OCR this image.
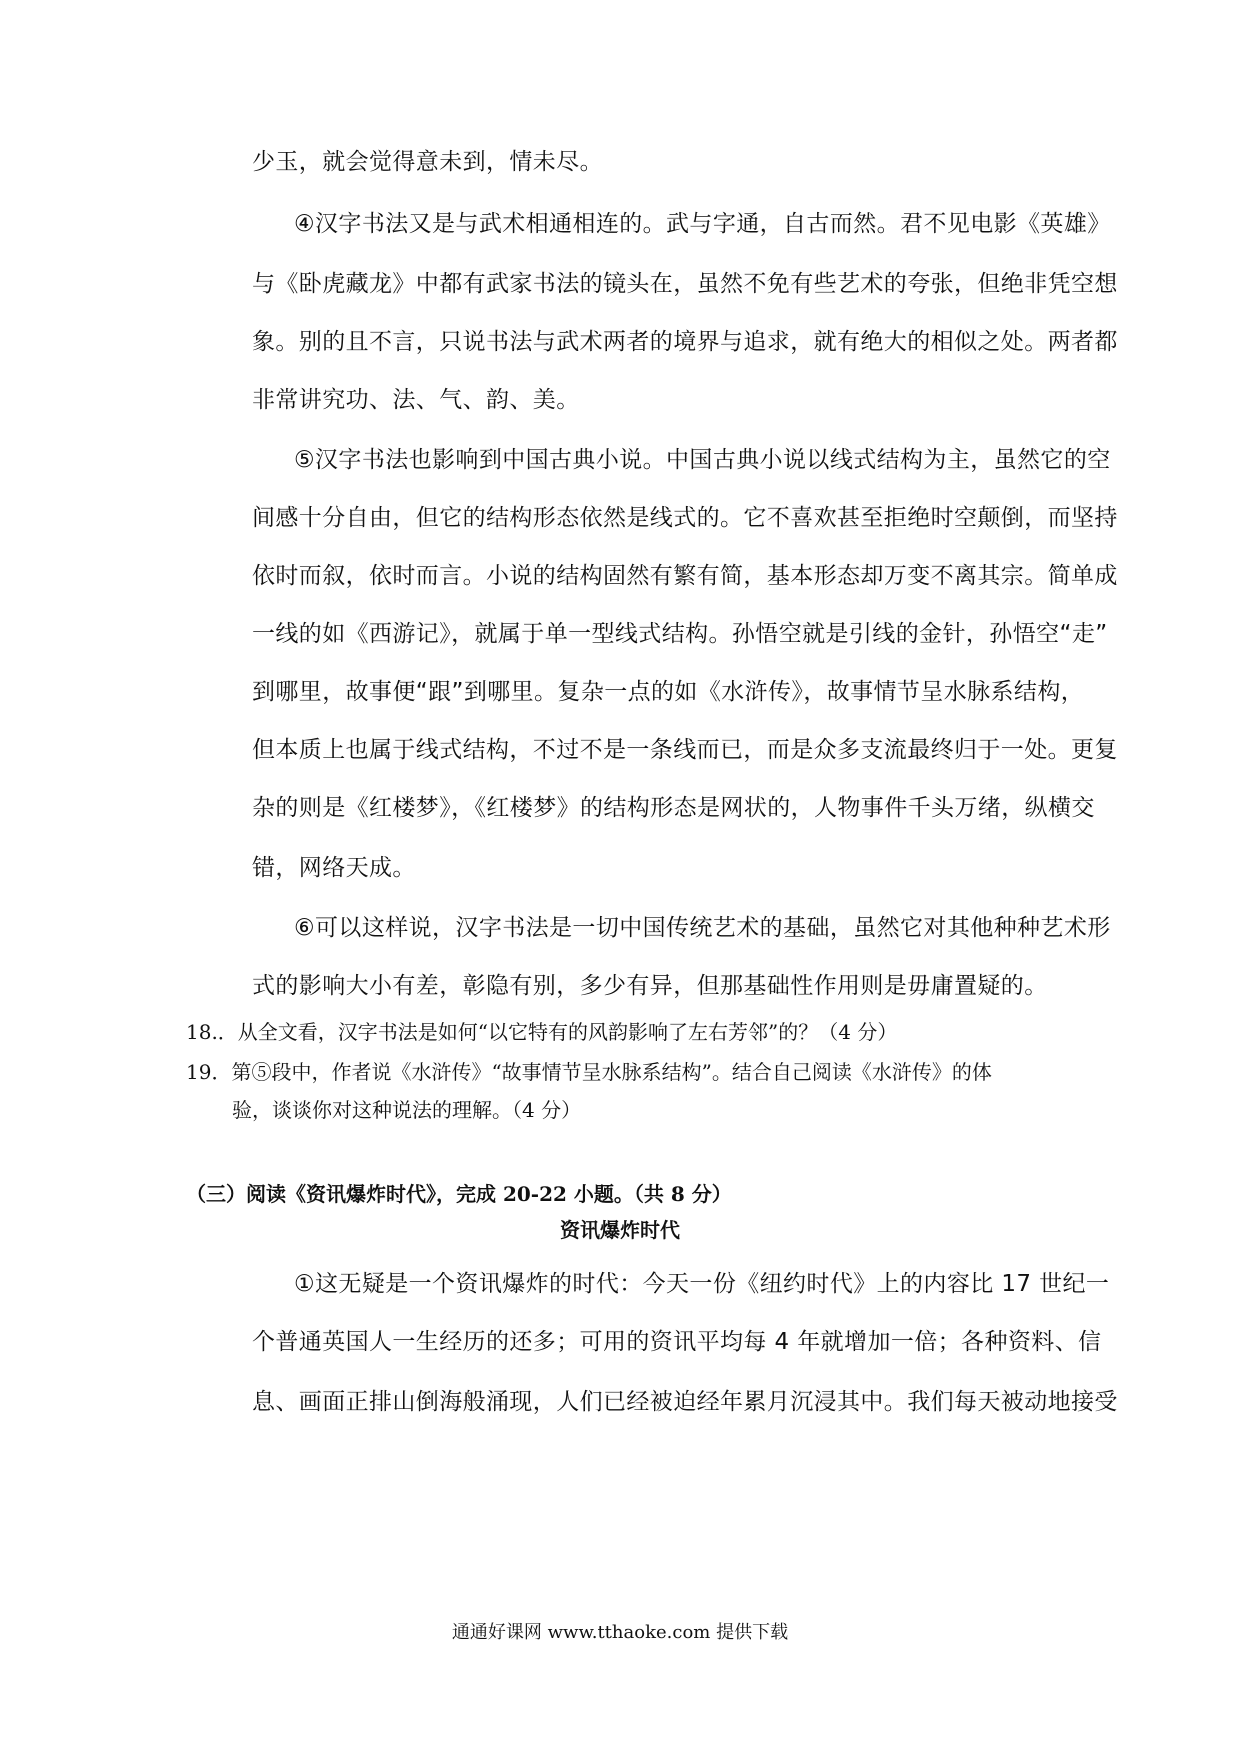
少玉，就会觉得意未到，情未尽。
④汉字书法又是与武术相通相连的。武与字通，自古而然。君不见电影《英雄》
与《卧虎藏龙》中都有武家书法的镜头在，虽然不免有些艺术的夸张，但绝非凭空想
象。别的且不言，只说书法与武术两者的境界与追求，就有绝大的相似之处。两者都
非常讲究功、法、气、韵、美。
⑤汉字书法也影响到中国古典小说。中国古典小说以线式结构为主，虽然它的空
间感十分自由，但它的结构形态依然是线式的。它不喜欢甚至拒绝时空颠倒，而坚持
依时而叙，依时而言。小说的结构固然有繁有简，基本形态却万变不离其宗。简单成
一线的如《西游记》，就属于单一型线式结构。孙悟空就是引线的金针，孙悟空“走”
到哪里，故事便“跟”到哪里。复杂一点的如《水浒传》，故事情节呈水脉系结构，
但本质上也属于线式结构，不过不是一条线而已，而是众多支流最终归于一处。更复
杂的则是《红楼梦》，《红楼梦》的结构形态是网状的，人物事件千头万绪，纵横交
错，网络天成。
⑥可以这样说，汉字书法是一切中国传统艺术的基础，虽然它对其他种种艺术形
式的影响大小有差，彰隐有别，多少有异，但那基础性作用则是毋庸置疑的。
18.．从全文看，汉字书法是如何“以它特有的风韵影响了左右芳邻”的？（4 分）
19．第⑤段中，作者说《水浒传》“故事情节呈水脉系结构”。结合自己阅读《水浒传》的体
验，谈谈你对这种说法的理解。（4 分）
（三）阅读《资讯爆炸时代》，完成 20-22 小题。（共 8 分）
资讯爆炸时代
①这无疑是一个资讯爆炸的时代：今天一份《纽约时代》上的内容比 17 世纪一
个普通英国人一生经历的还多；可用的资讯平均每 4 年就增加一倍；各种资料、信
息、画面正排山倒海般涌现，人们已经被迫经年累月沉浸其中。我们每天被动地接受
通通好课网 www.tthaoke.com 提供下载
